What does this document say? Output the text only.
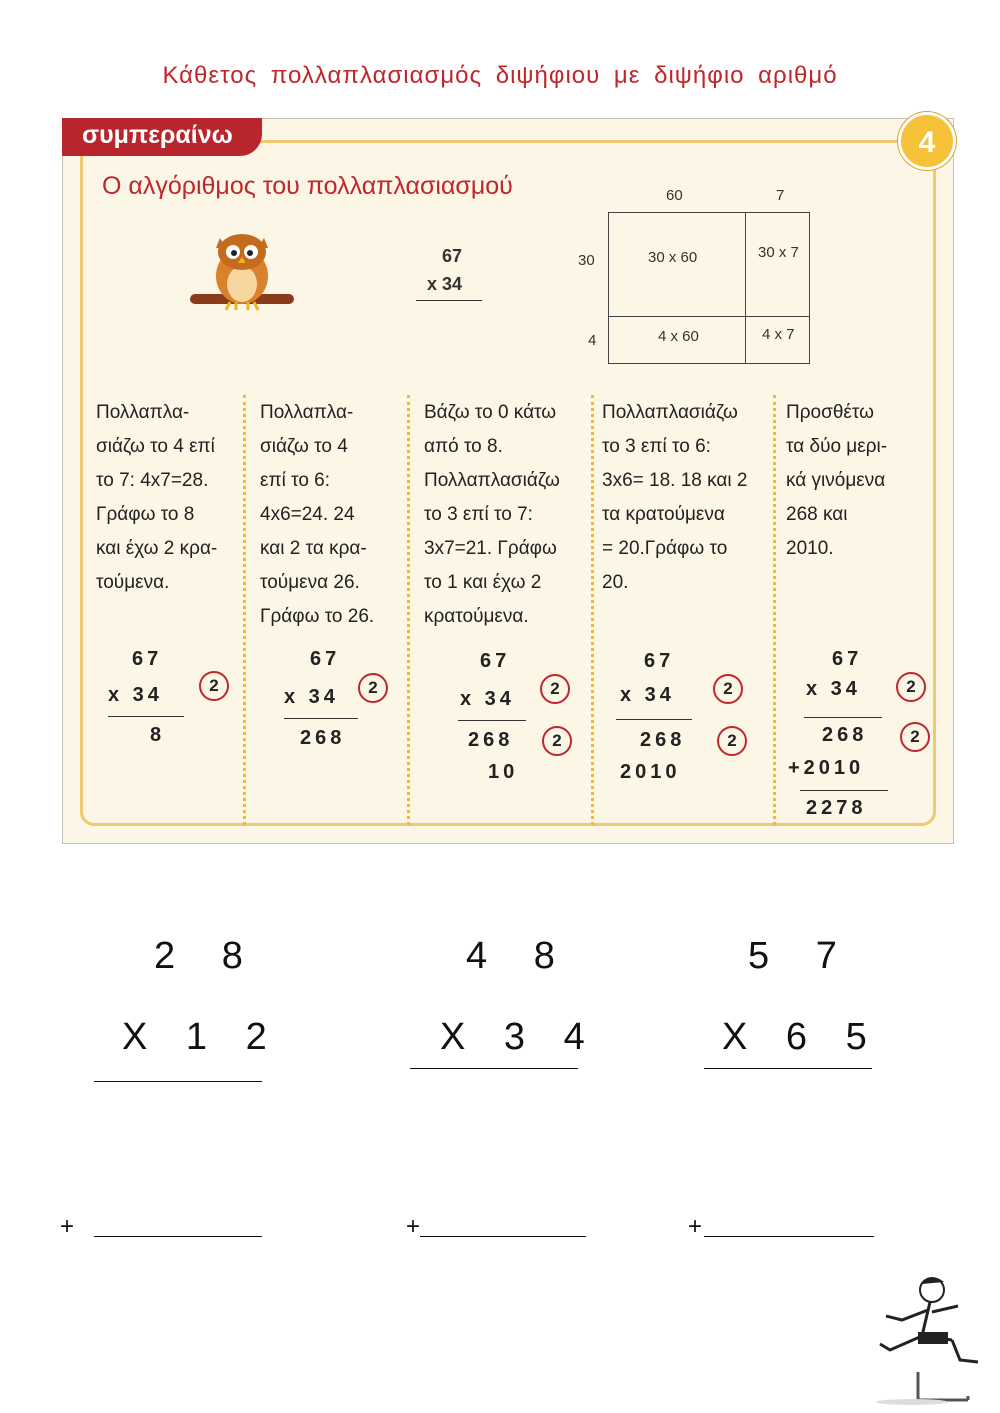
Κάθετος πολλαπλασιασμός διψήφιου με διψήφιο αριθμό
συμπεραίνω	4
Ο αλγόριθμος του πολλαπλασιασμού
67
x 34
60	7
30
4
30 x 60	30 x 7
4 x 60	4 x 7
Πολλαπλα-
σιάζω το 4 επί
το 7: 4x7=28.
Γράφω το 8
και έχω 2 κρα-
τούμενα.
67
x 34
8
2
Πολλαπλα-
σιάζω το 4
επί το 6:
4x6=24. 24
και 2 τα κρα-
τούμενα 26.
Γράφω το 26.
67
x 34
268
2
Βάζω το 0 κάτω
από το 8.
Πολλαπλασιάζω
το 3 επί το 7:
3x7=21. Γράφω
το 1 και έχω 2
κρατούμενα.
67
x 34
268
10
2
2
Πολλαπλασιάζω
το 3 επί το 6:
3x6= 18. 18 και 2
τα κρατούμενα
= 20.Γράφω το
20.
67
x 34
268
2010
2
2
Προσθέτω
τα δύο μερι-
κά γινόμενα
268 και
2010.
67
x 34
268
+2010
2278
2
2
2 8
X 1 2
+
4 8
X 3 4
+
5 7
X 6 5
+
